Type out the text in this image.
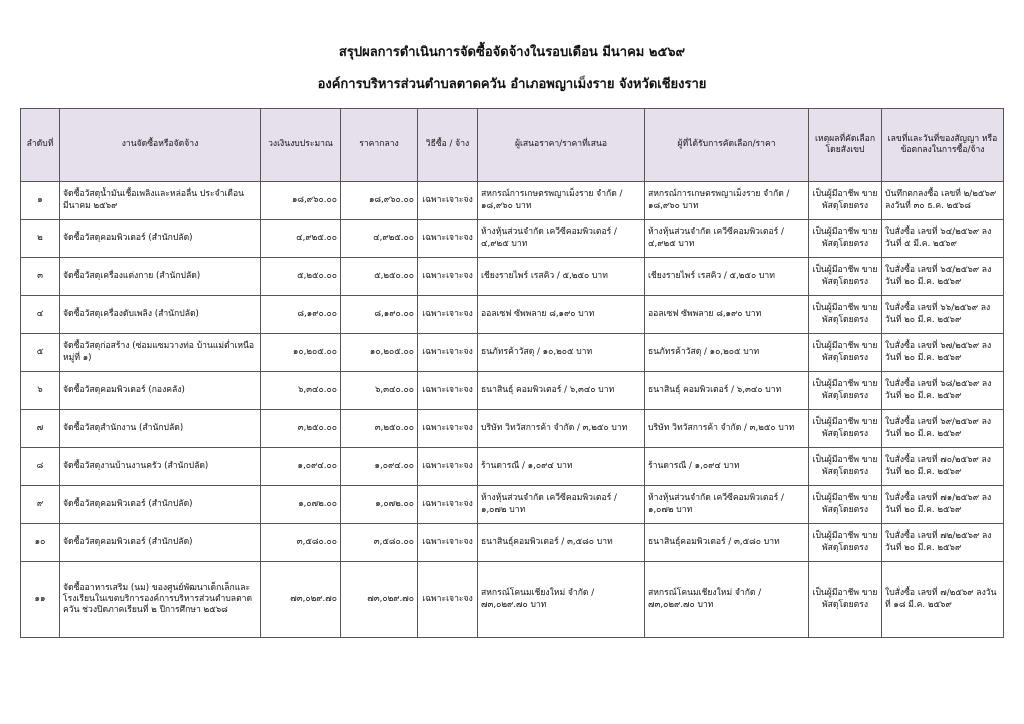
สรุปผลการดำเนินการจัดซื้อจัดจ้างในรอบเดือน มีนาคม ๒๕๖๙
องค์การบริหารส่วนตำบลตาดควัน อำเภอพญาเม็งราย จังหวัดเชียงราย
ลำดับที่	งานจัดซื้อหรือจัดจ้าง	วงเงินงบประมาณ	ราคากลาง	วิธีซื้อ / จ้าง	ผู้เสนอราคา/ราคาที่เสนอ	ผู้ที่ได้รับการคัดเลือก/ราคา	เหตุผลที่คัดเลือก โดยสังเขป	เลขที่และวันที่ของสัญญา หรือข้อตกลงในการซื้อ/จ้าง
๑	จัดซื้อวัสดุน้ำมันเชื้อเพลิงและหล่อลื่น ประจำเดือน มีนาคม ๒๕๖๙	๑๘,๙๖๐.๐๐	๑๘,๙๖๐.๐๐	เฉพาะเจาะจง	สหกรณ์การเกษตรพญาเม็งราย จำกัด / ๑๘,๙๖๐ บาท	สหกรณ์การเกษตรพญาเม็งราย จำกัด / ๑๘,๙๖๐ บาท	เป็นผู้มีอาชีพ ขายพัสดุโดยตรง	บันทึกตกลงซื้อ เลขที่ ๒/๒๕๖๙ ลงวันที่ ๓๐ ธ.ค. ๒๕๖๘
๒	จัดซื้อวัสดุคอมพิวเตอร์ (สำนักปลัด)	๔,๙๒๕.๐๐	๔,๙๒๕.๐๐	เฉพาะเจาะจง	ห้างหุ้นส่วนจำกัด เควีซีคอมพิวเตอร์ / ๔,๙๒๕ บาท	ห้างหุ้นส่วนจำกัด เควีซีคอมพิวเตอร์ / ๔,๙๒๕ บาท	เป็นผู้มีอาชีพ ขายพัสดุโดยตรง	ใบสั่งซื้อ เลขที่ ๖๔/๒๕๖๙ ลงวันที่ ๕ มี.ค. ๒๕๖๙
๓	จัดซื้อวัสดุเครื่องแต่งกาย (สำนักปลัด)	๕,๒๕๐.๐๐	๕,๒๕๐.๐๐	เฉพาะเจาะจง	เชียงรายไพร์ เรสคิว / ๕,๒๕๐ บาท	เชียงรายไพร์ เรสคิว / ๕,๒๕๐ บาท	เป็นผู้มีอาชีพ ขายพัสดุโดยตรง	ใบสั่งซื้อ เลขที่ ๖๕/๒๕๖๙ ลงวันที่ ๒๐ มี.ค. ๒๕๖๙
๔	จัดซื้อวัสดุเครื่องดับเพลิง (สำนักปลัด)	๘,๑๙๐.๐๐	๘,๑๙๐.๐๐	เฉพาะเจาะจง	ออลเซฟ ซัพพลาย ๘,๑๙๐ บาท	ออลเซฟ ซัพพลาย ๘,๑๙๐ บาท	เป็นผู้มีอาชีพ ขายพัสดุโดยตรง	ใบสั่งซื้อ เลขที่ ๖๖/๒๕๖๙ ลงวันที่ ๒๐ มี.ค. ๒๕๖๙
๕	จัดซื้อวัสดุก่อสร้าง (ซ่อมแซมวางท่อ บ้านแม่ต่ำเหนือ หมู่ที่ ๑)	๑๐,๒๐๕.๐๐	๑๐,๒๐๕.๐๐	เฉพาะเจาะจง	ธนภัทรค้าวัสดุ / ๑๐,๒๐๕ บาท	ธนภัทรค้าวัสดุ / ๑๐,๒๐๕ บาท	เป็นผู้มีอาชีพ ขายพัสดุโดยตรง	ใบสั่งซื้อ เลขที่ ๖๗/๒๕๖๙ ลงวันที่ ๒๐ มี.ค. ๒๕๖๙
๖	จัดซื้อวัสดุคอมพิวเตอร์ (กองคลัง)	๖,๓๔๐.๐๐	๖,๓๔๐.๐๐	เฉพาะเจาะจง	ธนาสินธุ์ คอมพิวเตอร์ / ๖,๓๔๐ บาท	ธนาสินธุ์ คอมพิวเตอร์ / ๖,๓๔๐ บาท	เป็นผู้มีอาชีพ ขายพัสดุโดยตรง	ใบสั่งซื้อ เลขที่ ๖๘/๒๕๖๙ ลงวันที่ ๒๐ มี.ค. ๒๕๖๙
๗	จัดซื้อวัสดุสำนักงาน (สำนักปลัด)	๓,๒๕๐.๐๐	๓,๒๕๐.๐๐	เฉพาะเจาะจง	บริษัท วิทวัสการค้า จำกัด / ๓,๒๕๐ บาท	บริษัท วิทวัสการค้า จำกัด / ๓,๒๕๐ บาท	เป็นผู้มีอาชีพ ขายพัสดุโดยตรง	ใบสั่งซื้อ เลขที่ ๖๙/๒๕๖๙ ลงวันที่ ๒๐ มี.ค. ๒๕๖๙
๘	จัดซื้อวัสดุงานบ้านงานครัว (สำนักปลัด)	๑,๐๙๔.๐๐	๑,๐๙๔.๐๐	เฉพาะเจาะจง	ร้านดารณี / ๑,๐๙๔ บาท	ร้านดารณี / ๑,๐๙๔ บาท	เป็นผู้มีอาชีพ ขายพัสดุโดยตรง	ใบสั่งซื้อ เลขที่ ๗๐/๒๕๖๙ ลงวันที่ ๒๐ มี.ค. ๒๕๖๙
๙	จัดซื้อวัสดุคอมพิวเตอร์ (สำนักปลัด)	๑,๐๗๒.๐๐	๑,๐๗๒.๐๐	เฉพาะเจาะจง	ห้างหุ้นส่วนจำกัด เควีซีคอมพิวเตอร์ / ๑,๐๗๒ บาท	ห้างหุ้นส่วนจำกัด เควีซีคอมพิวเตอร์ / ๑,๐๗๒ บาท	เป็นผู้มีอาชีพ ขายพัสดุโดยตรง	ใบสั่งซื้อ เลขที่ ๗๑/๒๕๖๙ ลงวันที่ ๒๐ มี.ค. ๒๕๖๙
๑๐	จัดซื้อวัสดุคอมพิวเตอร์ (สำนักปลัด)	๓,๕๘๐.๐๐	๓,๕๘๐.๐๐	เฉพาะเจาะจง	ธนาสินธุ์คอมพิวเตอร์ / ๓,๕๘๐ บาท	ธนาสินธุ์คอมพิวเตอร์ / ๓,๕๘๐ บาท	เป็นผู้มีอาชีพ ขายพัสดุโดยตรง	ใบสั่งซื้อ เลขที่ ๗๒/๒๕๖๙ ลงวันที่ ๒๐ มี.ค. ๒๕๖๙
๑๑	จัดซื้ออาหารเสริม (นม) ของศูนย์พัฒนาเด็กเล็กและโรงเรียนในเขตบริการองค์การบริหารส่วนตำบลตาดควัน ช่วงปิดภาคเรียนที่ ๒ ปีการศึกษา ๒๕๖๘	๗๓,๐๒๙.๗๐	๗๓,๐๒๙.๗๐	เฉพาะเจาะจง	สหกรณ์โคนมเชียงใหม่ จำกัด / ๗๓,๐๒๙.๗๐ บาท	สหกรณ์โคนมเชียงใหม่ จำกัด / ๗๓,๐๒๙.๗๐ บาท	เป็นผู้มีอาชีพ ขายพัสดุโดยตรง	ใบสั่งซื้อ เลขที่ ๗/๒๕๖๙ ลงวันที่ ๑๘ มี.ค. ๒๕๖๙
